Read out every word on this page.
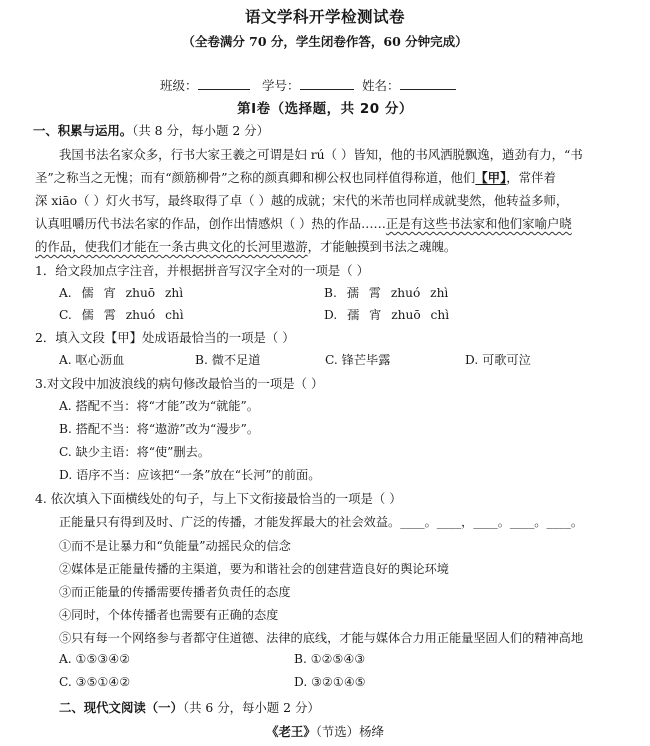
语文学科开学检测试卷
（全卷满分 70 分，学生闭卷作答，60 分钟完成）
班级：	学号：	姓名：
第Ⅰ卷（选择题，共 20 分）
一、积累与运用。（共 8 分，每小题 2 分）
我国书法名家众多，行书大家王羲之可谓是妇 rú（ ）皆知，他的书风洒脱飘逸，遒劲有力，“书
圣”之称当之无愧；而有“颜筋柳骨”之称的颜真卿和柳公权也同样值得称道，他们【甲】，常伴着
深 xiāo（ ）灯火书写，最终取得了卓（ ）越的成就；宋代的米芾也同样成就斐然，他转益多师，
认真咀嚼历代书法名家的作品，创作出情感炽（ ）热的作品……正是有这些书法家和他们家喻户晓
的作品，使我们才能在一条古典文化的长河里遨游，才能触摸到书法之魂魄。
1．给文段加点字注音，并根据拼音写汉字全对的一项是（ ）
A. 儒 宵 zhuō zhì	B. 孺 霄 zhuó zhì
C. 儒 霄 zhuó chì	D. 孺 宵 zhuō chì
2．填入文段【甲】处成语最恰当的一项是（ ）
A. 呕心沥血	B. 微不足道	C. 锋芒毕露	D. 可歌可泣
3.对文段中加波浪线的病句修改最恰当的一项是（ ）
A. 搭配不当：将“才能”改为“就能”。
B. 搭配不当：将“遨游”改为“漫步”。
C. 缺少主语：将“使”删去。
D. 语序不当：应该把“一条”放在“长河”的前面。
4. 依次填入下面横线处的句子，与上下文衔接最恰当的一项是（ ）
正能量只有得到及时、广泛的传播，才能发挥最大的社会效益。____。____，____。____。____。
①而不是让暴力和“负能量”动摇民众的信念
②媒体是正能量传播的主渠道，要为和谐社会的创建营造良好的舆论环境
③而正能量的传播需要传播者负责任的态度
④同时，个体传播者也需要有正确的态度
⑤只有每一个网络参与者都守住道德、法律的底线，才能与媒体合力用正能量坚固人们的精神高地
A. ①⑤③④②	B. ①②⑤④③
C. ③⑤①④②	D. ③②①④⑤
二、现代文阅读（一）（共 6 分，每小题 2 分）
《老王》（节选）杨绛
